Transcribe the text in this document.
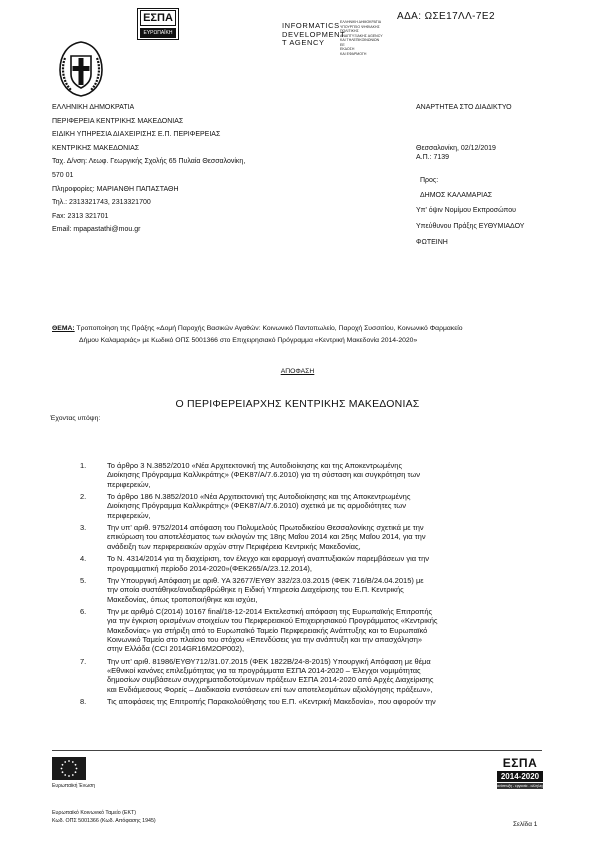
ΕΣΠΑ
ΕΥΡΩΠΑΪΚΗ ΕΝΩΣΗ
INFORMATICS
DEVELOPMENT
T AGENCY
ΕΛΛΗΝΙΚΗ ΔΗΜΟΚΡΑΤΙΑ
ΥΠΟΥΡΓΕΙΟ ΨΗΦΙΑΚΗΣ
ΠΟΛΙΤΙΚΗΣ
ΑΝΑΠΤΥΞΙΑΚΗΣ AGENCY
ΚΑΙ ΤΗΛΕΠΙΚΟΙΝΩΝΙΩΝ
ΕΕ
ΕΚΔΟΣΗ
ΚΑΙ ΕΦΑΡΜΟΓΗ
ΑΔΑ: ΩΣΕ17ΛΛ-7Ε2
ΕΛΛΗΝΙΚΗ ΔΗΜΟΚΡΑΤΙΑ
ΠΕΡΙΦΕΡΕΙΑ ΚΕΝΤΡΙΚΗΣ ΜΑΚΕΔΟΝΙΑΣ
ΕΙΔΙΚΗ ΥΠΗΡΕΣΙΑ ΔΙΑΧΕΙΡΙΣΗΣ Ε.Π. ΠΕΡΙΦΕΡΕΙΑΣ
ΚΕΝΤΡΙΚΗΣ ΜΑΚΕΔΟΝΙΑΣ
Ταχ. Δ/νση: Λεωφ. Γεωργικής Σχολής 65 Πυλαία Θεσσαλονίκη,
570 01
Πληροφορίες: ΜΑΡΙΑΝΘΗ ΠΑΠΑΣΤΑΘΗ
Τηλ.: 2313321743, 2313321700
Fax: 2313 321701
Email: mpapastathi@mou.gr
ΑΝΑΡΤΗΤΕΑ ΣΤΟ ΔΙΑΔΙΚΤΥΟ
Θεσσαλονίκη, 02/12/2019
Α.Π.: 7139
Προς:
ΔΗΜΟΣ ΚΑΛΑΜΑΡΙΑΣ
Υπ' όψιν Νομίμου Εκπροσώπου
Υπεύθυνου Πράξης ΕΥΘΥΜΙΑΔΟΥ
ΦΩΤΕΙΝΗ
ΘΕΜΑ: Τροποποίηση της Πράξης «Δομή Παροχής Βασικών Αγαθών: Κοινωνικό Παντοπωλείο, Παροχή Συσσιτίου, Κοινωνικό Φαρμακείο
Δήμου Καλαμαριάς» με Κωδικό ΟΠΣ 5001366 στο Επιχειρησιακό Πρόγραμμα «Κεντρική Μακεδονία 2014-2020»
ΑΠΟΦΑΣΗ
Ο ΠΕΡΙΦΕΡΕΙΑΡΧΗΣ ΚΕΝΤΡΙΚΗΣ ΜΑΚΕΔΟΝΙΑΣ
Έχοντας υπόψη:
1.	Το άρθρο 3 Ν.3852/2010 «Νέα Αρχιτεκτονική της Αυτοδιοίκησης και της Αποκεντρωμένης
Διοίκησης Πρόγραμμα Καλλικράτης» (ΦΕΚ87/Α/7.6.2010) για τη σύσταση και συγκρότηση των
περιφερειών,
2.	Το άρθρο 186 Ν.3852/2010 «Νέα Αρχιτεκτονική της Αυτοδιοίκησης και της Αποκεντρωμένης
Διοίκησης Πρόγραμμα Καλλικράτης» (ΦΕΚ87/Α/7.6.2010) σχετικά με τις αρμοδιότητες των
περιφερειών,
3.	Την υπ' αριθ. 9752/2014 απόφαση του Πολυμελούς Πρωτοδικείου Θεσσαλονίκης σχετικά με την
επικύρωση του αποτελέσματος των εκλογών της 18ης Μαΐου 2014 και 25ης Μαΐου 2014, για την
ανάδειξη των περιφερειακών αρχών στην Περιφέρεια Κεντρικής Μακεδονίας,
4.	Το Ν. 4314/2014 για τη διαχείριση, τον έλεγχο και εφαρμογή αναπτυξιακών παρεμβάσεων για την
προγραμματική περίοδο 2014-2020»(ΦΕΚ265/Α/23.12.2014),
5.	Την Υπουργική Απόφαση με αριθ. ΥΑ 32677/ΕΥΘΥ 332/23.03.2015 (ΦΕΚ 716/Β/24.04.2015) με
την οποία συστάθηκε/αναδιαρθρώθηκε η Ειδική Υπηρεσία Διαχείρισης του Ε.Π. Κεντρικής
Μακεδονίας, όπως τροποποιήθηκε και ισχύει,
6.	Την με αριθμό C(2014) 10167 final/18-12-2014 Εκτελεστική απόφαση της Ευρωπαϊκής Επιτροπής
για την έγκριση ορισμένων στοιχείων του Περιφερειακού Επιχειρησιακού Προγράμματος «Κεντρικής
Μακεδονίας» για στήριξη από το Ευρωπαϊκό Ταμείο Περιφερειακής Ανάπτυξης και το Ευρωπαϊκό
Κοινωνικό Ταμείο στο πλαίσιο του στόχου «Επενδύσεις για την ανάπτυξη και την απασχόληση»
στην Ελλάδα (CCI 2014GR16M2OP002),
7.	Την υπ' αριθ. 81986/ΕΥΘΥ712/31.07.2015 (ΦΕΚ 1822Β/24-8-2015) Υπουργική Απόφαση με θέμα
«Εθνικοί κανόνες επιλεξιμότητας για τα προγράμματα ΕΣΠΑ 2014-2020 – Έλεγχοι νομιμότητας
δημοσίων συμβάσεων συγχρηματοδοτούμενων πράξεων ΕΣΠΑ 2014-2020 από Αρχές Διαχείρισης
και Ενδιάμεσους Φορείς – Διαδικασία ενστάσεων επί των αποτελεσμάτων αξιολόγησης πράξεων»,
8.	Τις αποφάσεις της Επιτροπής Παρακολούθησης του Ε.Π. «Κεντρική Μακεδονία», που αφορούν την
Ευρωπαϊκή Ένωση
ΕΣΠΑ
2014-2020
ανάπτυξη - εργασία - αλληλεγγύη
Ευρωπαϊκό Κοινωνικό Ταμείο (ΕΚΤ)
Κωδ. ΟΠΣ 5001366 (Κωδ. Απόφασης 1945)	Σελίδα 1
